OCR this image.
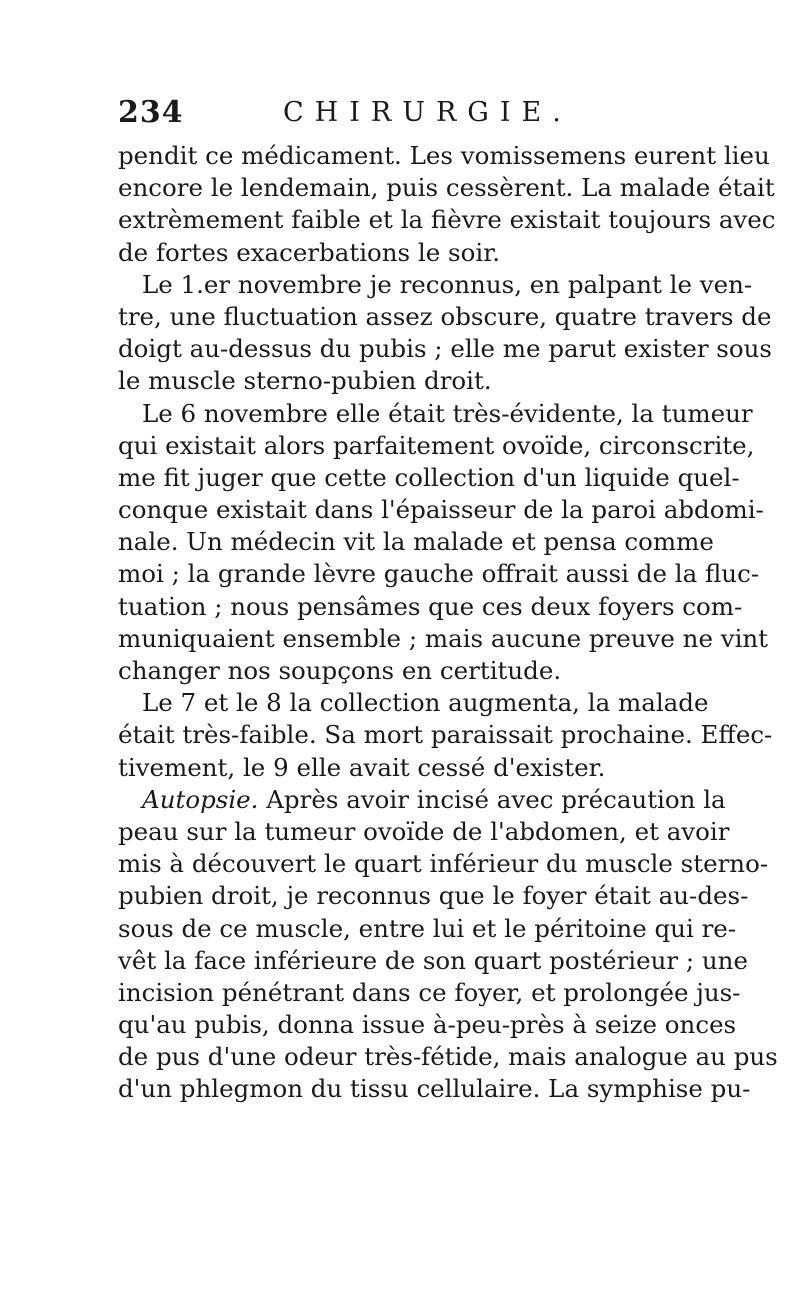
234	CHIRURGIE.
pendit ce médicament. Les vomissemens eurent lieu
encore le lendemain, puis cessèrent. La malade était
extrèmement faible et la fièvre existait toujours avec
de fortes exacerbations le soir.
Le 1.er novembre je reconnus, en palpant le ven-
tre, une fluctuation assez obscure, quatre travers de
doigt au-dessus du pubis ; elle me parut exister sous
le muscle sterno-pubien droit.
Le 6 novembre elle était très-évidente, la tumeur
qui existait alors parfaitement ovoïde, circonscrite,
me fit juger que cette collection d'un liquide quel-
conque existait dans l'épaisseur de la paroi abdomi-
nale. Un médecin vit la malade et pensa comme
moi ; la grande lèvre gauche offrait aussi de la fluc-
tuation ; nous pensâmes que ces deux foyers com-
muniquaient ensemble ; mais aucune preuve ne vint
changer nos soupçons en certitude.
Le 7 et le 8 la collection augmenta, la malade
était très-faible. Sa mort paraissait prochaine. Effec-
tivement, le 9 elle avait cessé d'exister.
Autopsie. Après avoir incisé avec précaution la
peau sur la tumeur ovoïde de l'abdomen, et avoir
mis à découvert le quart inférieur du muscle sterno-
pubien droit, je reconnus que le foyer était au-des-
sous de ce muscle, entre lui et le péritoine qui re-
vêt la face inférieure de son quart postérieur ; une
incision pénétrant dans ce foyer, et prolongée jus-
qu'au pubis, donna issue à-peu-près à seize onces
de pus d'une odeur très-fétide, mais analogue au pus
d'un phlegmon du tissu cellulaire. La symphise pu-
